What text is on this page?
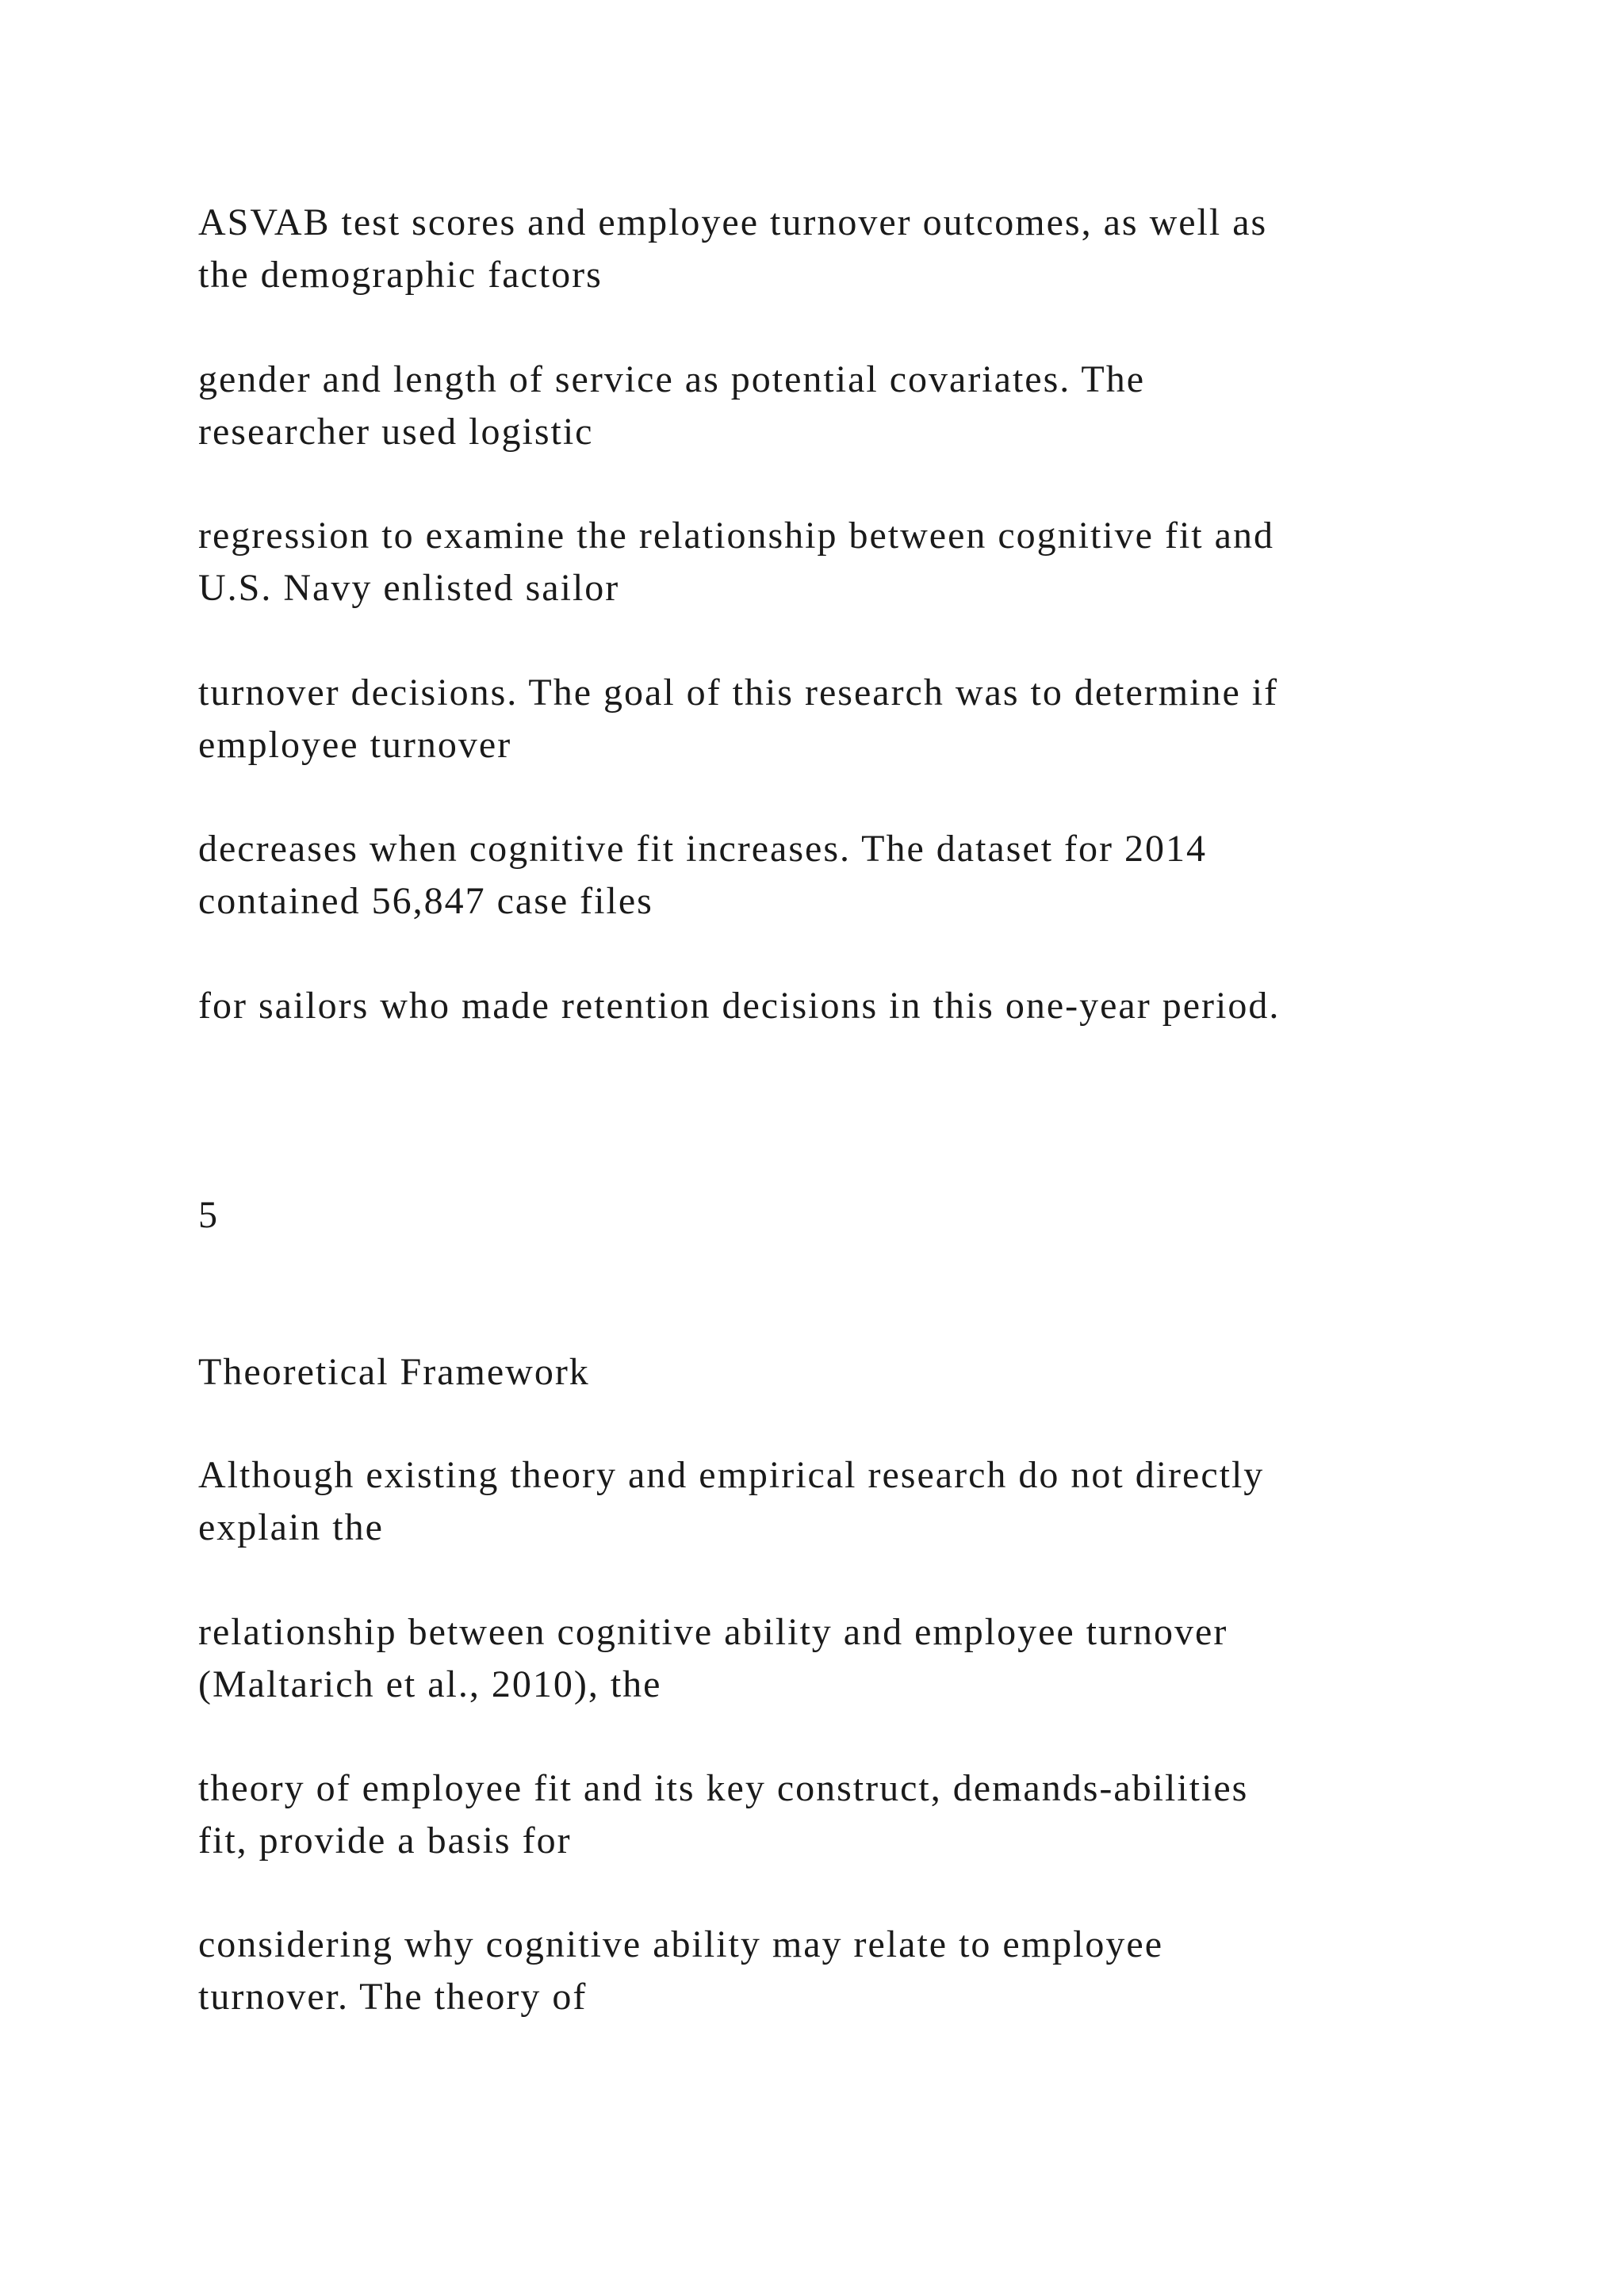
ASVAB test scores and employee turnover outcomes, as well as
the demographic factors
gender and length of service as potential covariates. The
researcher used logistic
regression to examine the relationship between cognitive fit and
U.S. Navy enlisted sailor
turnover decisions. The goal of this research was to determine if
employee turnover
decreases when cognitive fit increases. The dataset for 2014
contained 56,847 case files
for sailors who made retention decisions in this one-year period.
5
Theoretical Framework
Although existing theory and empirical research do not directly
explain the
relationship between cognitive ability and employee turnover
(Maltarich et al., 2010), the
theory of employee fit and its key construct, demands-abilities
fit, provide a basis for
considering why cognitive ability may relate to employee
turnover. The theory of
